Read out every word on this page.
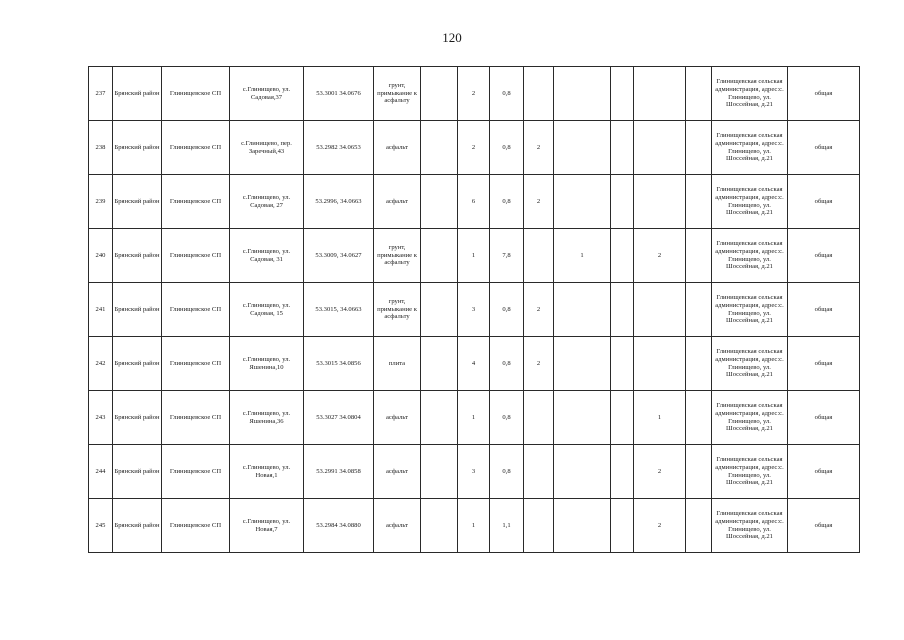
120
237	Брянский район	Глинищевское СП	с.Глинищево, ул. Садовая,37	53.3001 34.0676	грунт, примыкание к асфальту		2	0,8						Глинищевская сельская администрация, адрес:с. Глинищево, ул. Шоссейная, д.21	общая
238	Брянский район	Глинищевское СП	с.Глинищево, пер. Заречный,43	53.2982 34.0653	асфальт		2	0,8	2					Глинищевская сельская администрация, адрес:с. Глинищево, ул. Шоссейная, д.21	общая
239	Брянский район	Глинищевское СП	с.Глинищево, ул. Садовая, 27	53.2996, 34.0663	асфальт		6	0,8	2					Глинищевская сельская администрация, адрес:с. Глинищево, ул. Шоссейная, д.21	общая
240	Брянский район	Глинищевское СП	с.Глинищево, ул. Садовая, 31	53.3009, 34.0627	грунт, примыкание к асфальту		1	7,8		1		2		Глинищевская сельская администрация, адрес:с. Глинищево, ул. Шоссейная, д.21	общая
241	Брянский район	Глинищевское СП	с.Глинищево, ул. Садовая, 15	53.3015, 34.0663	грунт, примыкание к асфальту		3	0,8	2					Глинищевская сельская администрация, адрес:с. Глинищево, ул. Шоссейная, д.21	общая
242	Брянский район	Глинищевское СП	с.Глинищево, ул. Яшенина,10	53.3015 34.0856	плита		4	0,8	2					Глинищевская сельская администрация, адрес:с. Глинищево, ул. Шоссейная, д.21	общая
243	Брянский район	Глинищевское СП	с.Глинищево, ул. Яшенина,36	53.3027 34.0804	асфальт		1	0,8				1		Глинищевская сельская администрация, адрес:с. Глинищево, ул. Шоссейная, д.21	общая
244	Брянский район	Глинищевское СП	с.Глинищево, ул. Новая,1	53.2991 34.0858	асфальт		3	0,8				2		Глинищевская сельская администрация, адрес:с. Глинищево, ул. Шоссейная, д.21	общая
245	Брянский район	Глинищевское СП	с.Глинищево, ул. Новая,7	53.2984 34.0880	асфальт		1	1,1				2		Глинищевская сельская администрация, адрес:с. Глинищево, ул. Шоссейная, д.21	общая
